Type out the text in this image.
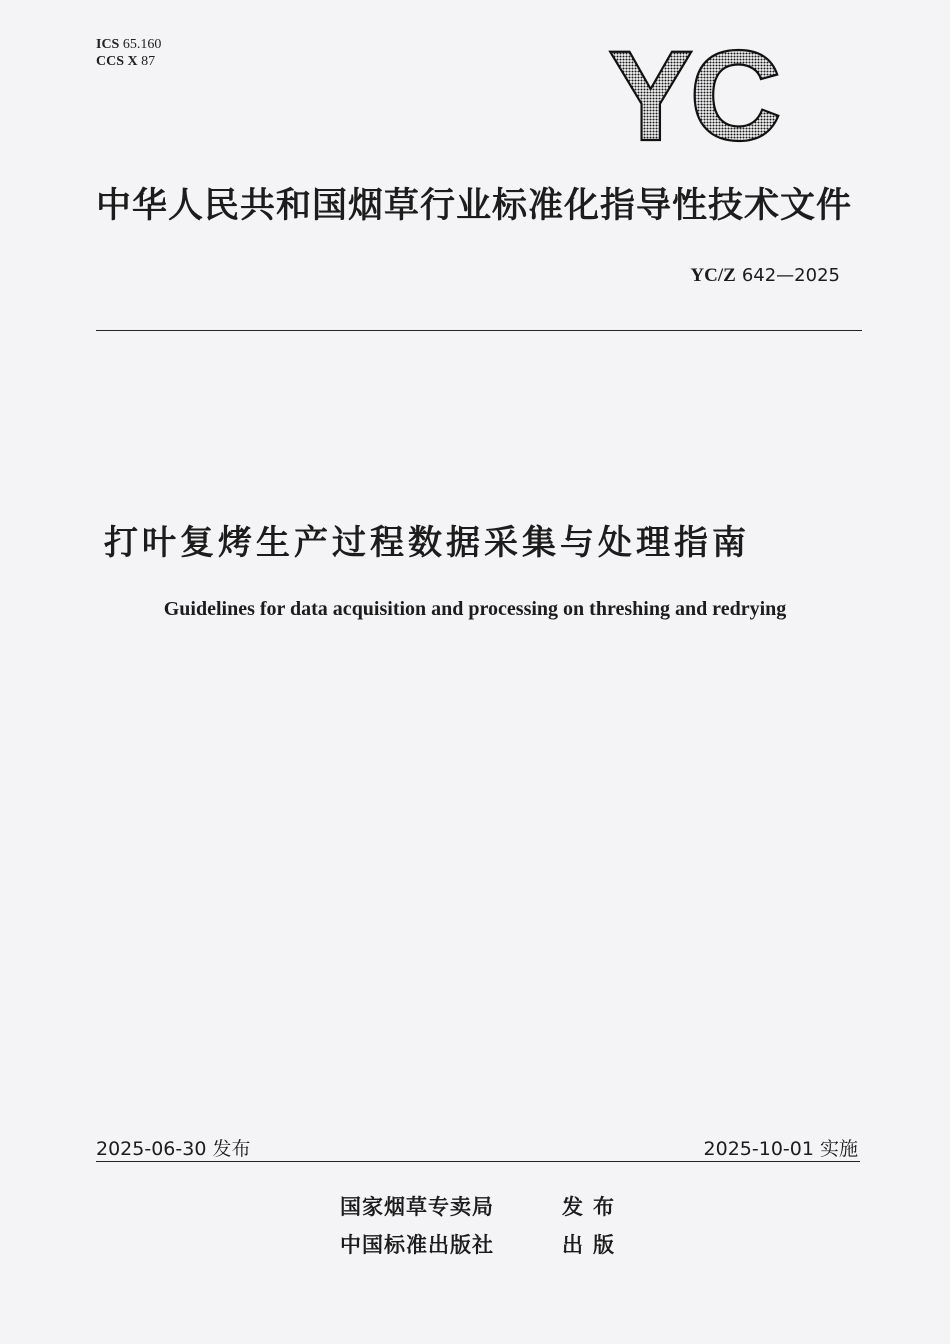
ICS 65.160
CCS X 87	YC
中华人民共和国烟草行业标准化指导性技术文件
YC/Z 642—2025
打叶复烤生产过程数据采集与处理指南
Guidelines for data acquisition and processing on threshing and redrying
2025-06-30 发布	2025-10-01 实施
国家烟草专卖局	发布
中国标准出版社	出版
